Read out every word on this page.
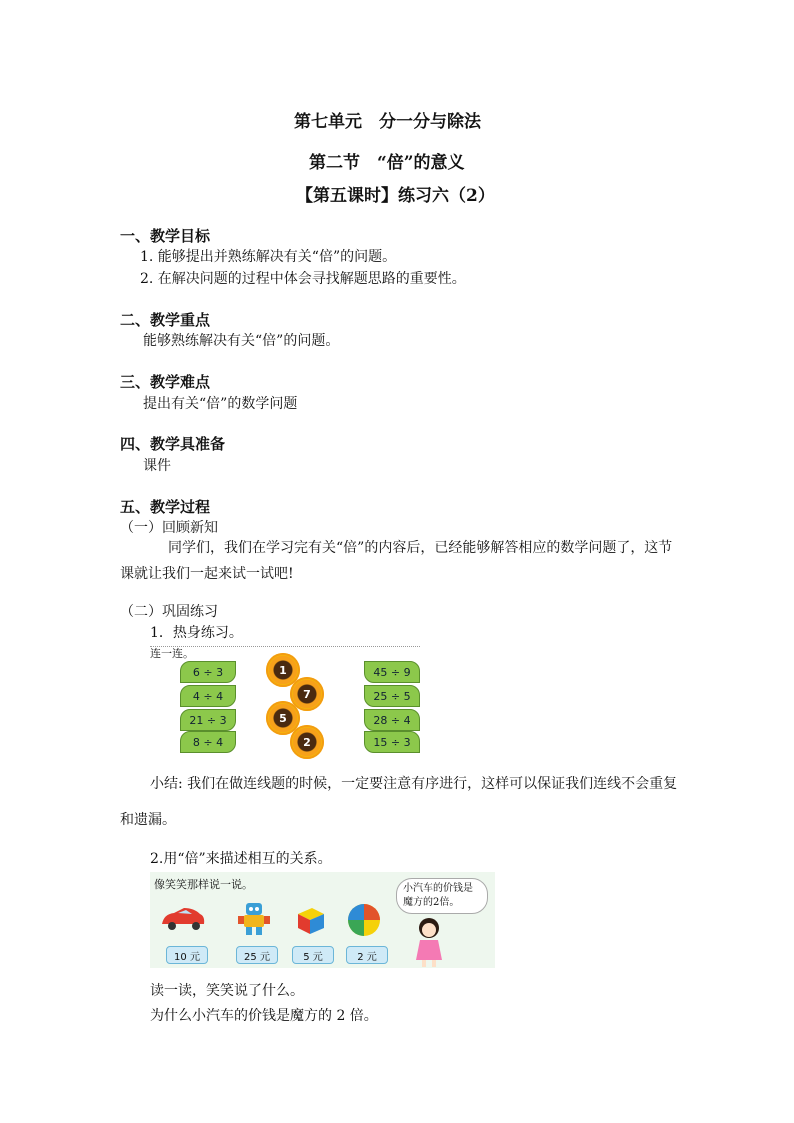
第七单元　分一分与除法
第二节　“倍”的意义
【第五课时】练习六（2）
一、教学目标
1. 能够提出并熟练解决有关“倍”的问题。
2. 在解决问题的过程中体会寻找解题思路的重要性。
二、教学重点
能够熟练解决有关“倍”的问题。
三、教学难点
提出有关“倍”的数学问题
四、教学具准备
课件
五、教学过程
（一）回顾新知
同学们，我们在学习完有关“倍”的内容后，已经能够解答相应的数学问题了，这节课就让我们一起来试一试吧!
（二）巩固练习
1．热身练习。
连一连。
6 ÷ 3
4 ÷ 4
21 ÷ 3
8 ÷ 4
1
7
5
2
45 ÷ 9
25 ÷ 5
28 ÷ 4
15 ÷ 3
小结: 我们在做连线题的时候，一定要注意有序进行，这样可以保证我们连线不会重复和遗漏。
2.用“倍”来描述相互的关系。
像笑笑那样说一说。
10 元	25 元	5 元	2 元
小汽车的价钱是魔方的2倍。
读一读，笑笑说了什么。
为什么小汽车的价钱是魔方的 2 倍。
